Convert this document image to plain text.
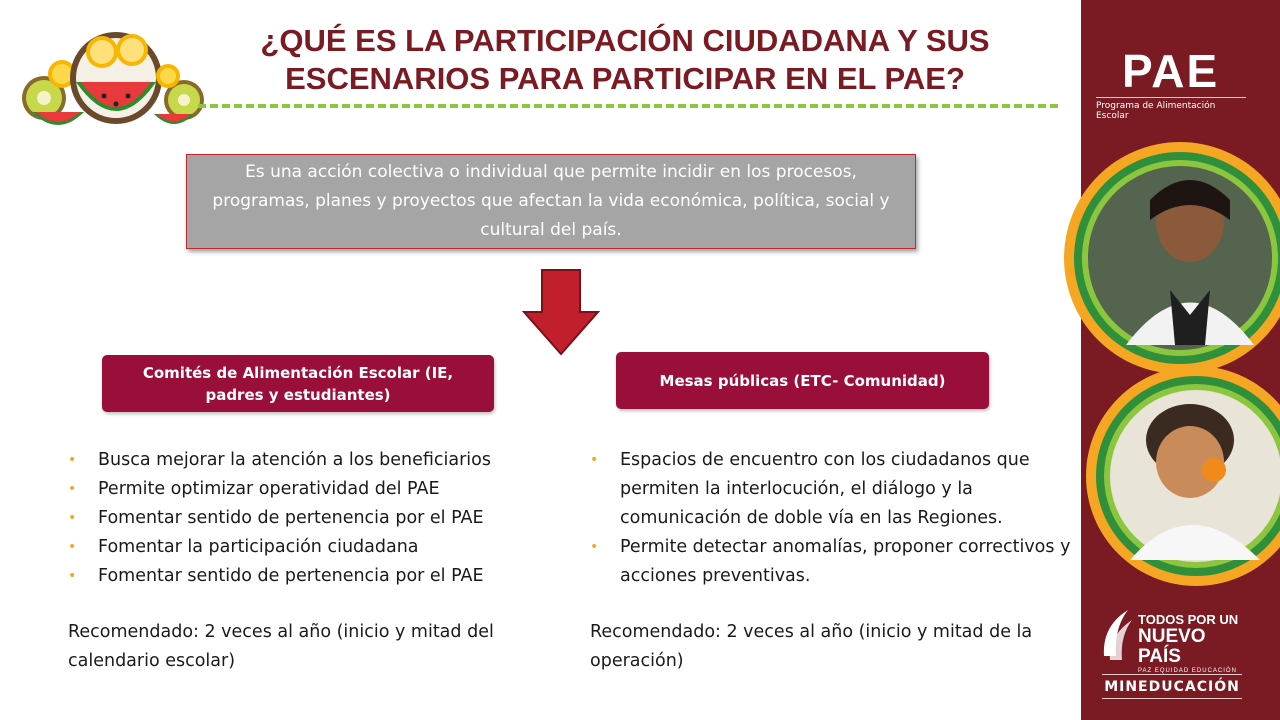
¿QUÉ ES LA PARTICIPACIÓN CIUDADANA Y SUS ESCENARIOS PARA PARTICIPAR EN EL PAE?
Es una acción colectiva o individual que permite incidir en los procesos, programas, planes y proyectos que afectan la vida económica, política, social y cultural del país.
Comités de Alimentación Escolar (IE, padres y estudiantes)
Mesas públicas (ETC- Comunidad)
• Busca mejorar la atención a los beneficiarios
• Permite optimizar operatividad del PAE
• Fomentar sentido de pertenencia por el PAE
• Fomentar la participación ciudadana
• Fomentar sentido de pertenencia por el PAE

Recomendado: 2 veces al año (inicio y mitad del calendario escolar)

• Espacios de encuentro con los ciudadanos que permiten la interlocución, el diálogo y la comunicación de doble vía en las Regiones.
• Permite detectar anomalías, proponer correctivos y acciones preventivas.

Recomendado: 2 veces al año (inicio y mitad de la operación)

PAE
Programa de Alimentación Escolar
TODOS POR UN
NUEVO PAÍS
PAZ EQUIDAD EDUCACIÓN
MINEDUCACIÓN
